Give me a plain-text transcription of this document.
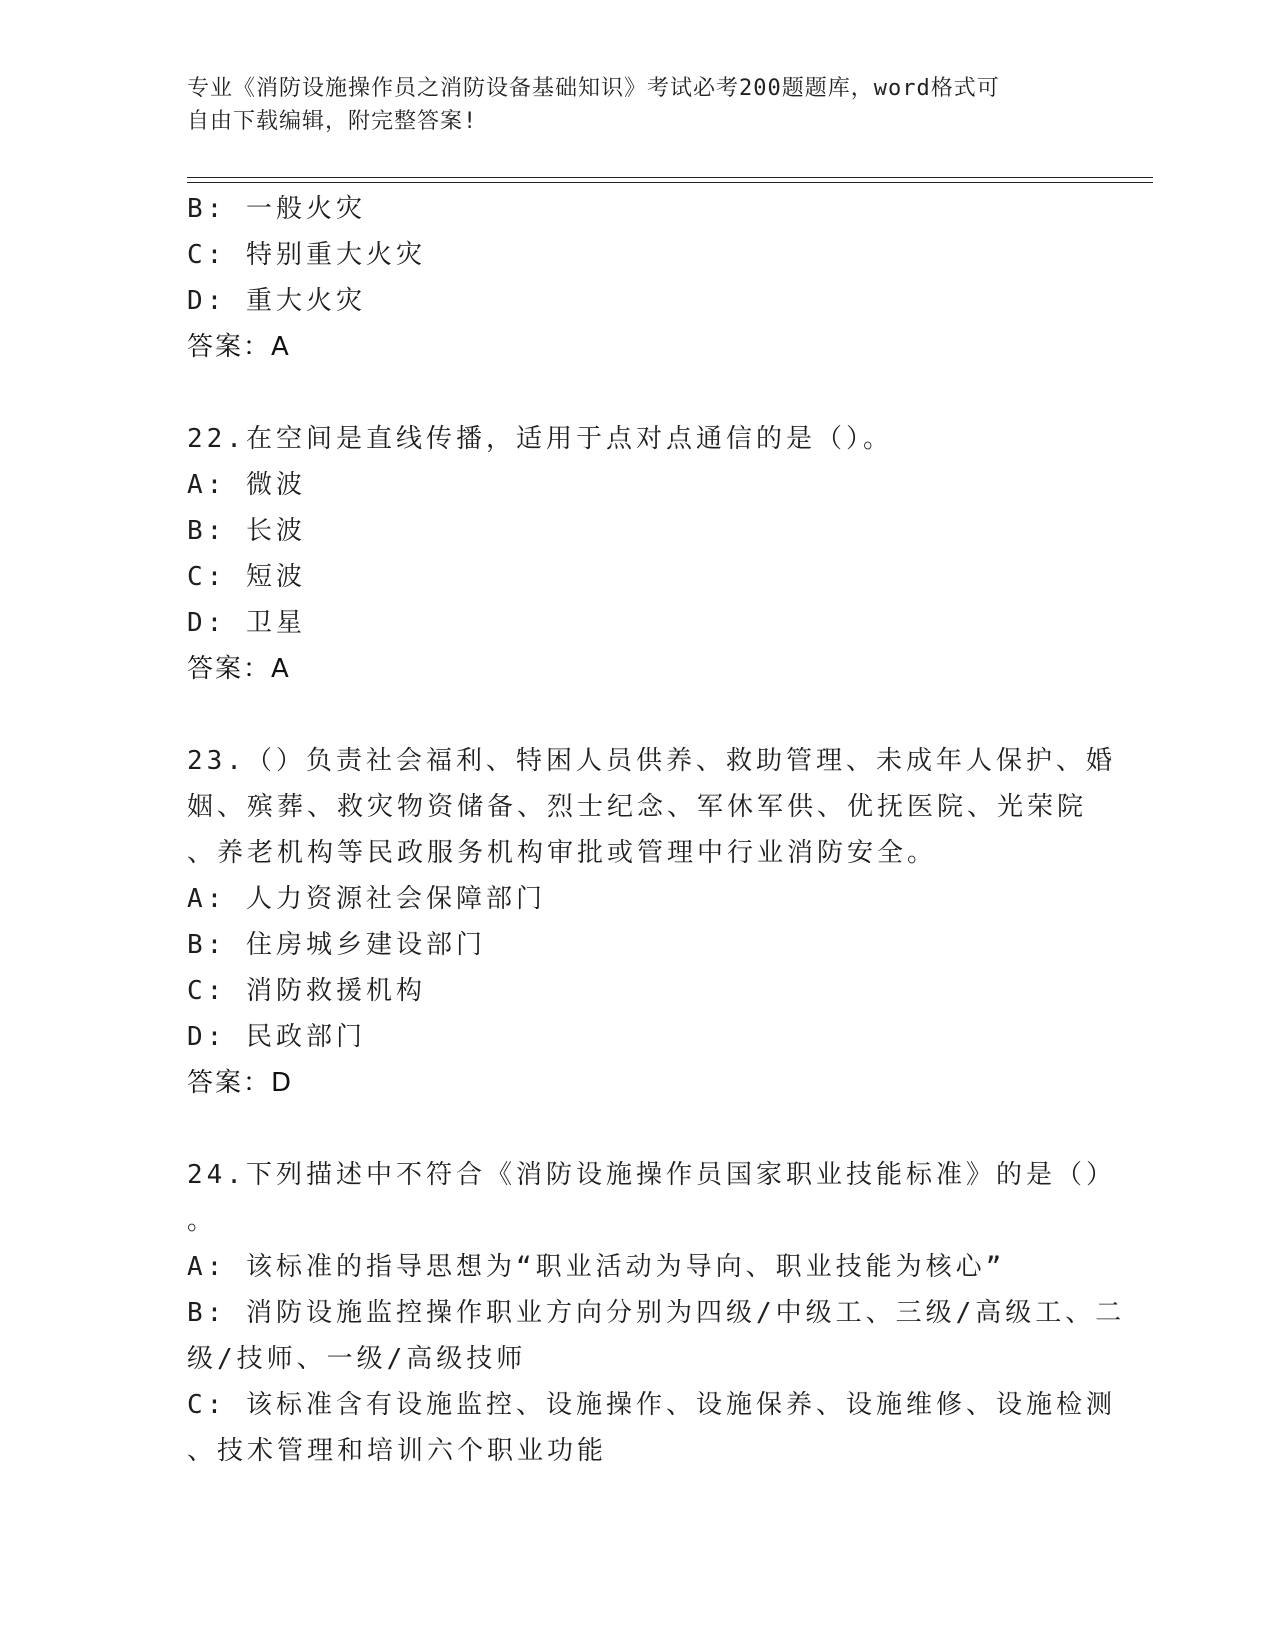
专业《消防设施操作员之消防设备基础知识》考试必考200题题库，word格式可
自由下载编辑，附完整答案!
B: 一般火灾
C: 特别重大火灾
D: 重大火灾
答案：A
22.在空间是直线传播，适用于点对点通信的是（）。
A: 微波
B: 长波
C: 短波
D: 卫星
答案：A
23.（）负责社会福利、特困人员供养、救助管理、未成年人保护、婚
姻、殡葬、救灾物资储备、烈士纪念、军休军供、优抚医院、光荣院
、养老机构等民政服务机构审批或管理中行业消防安全。
A: 人力资源社会保障部门
B: 住房城乡建设部门
C: 消防救援机构
D: 民政部门
答案：D
24.下列描述中不符合《消防设施操作员国家职业技能标准》的是（）
。
A: 该标准的指导思想为“职业活动为导向、职业技能为核心”
B: 消防设施监控操作职业方向分别为四级/中级工、三级/高级工、二
级/技师、一级/高级技师
C: 该标准含有设施监控、设施操作、设施保养、设施维修、设施检测
、技术管理和培训六个职业功能
